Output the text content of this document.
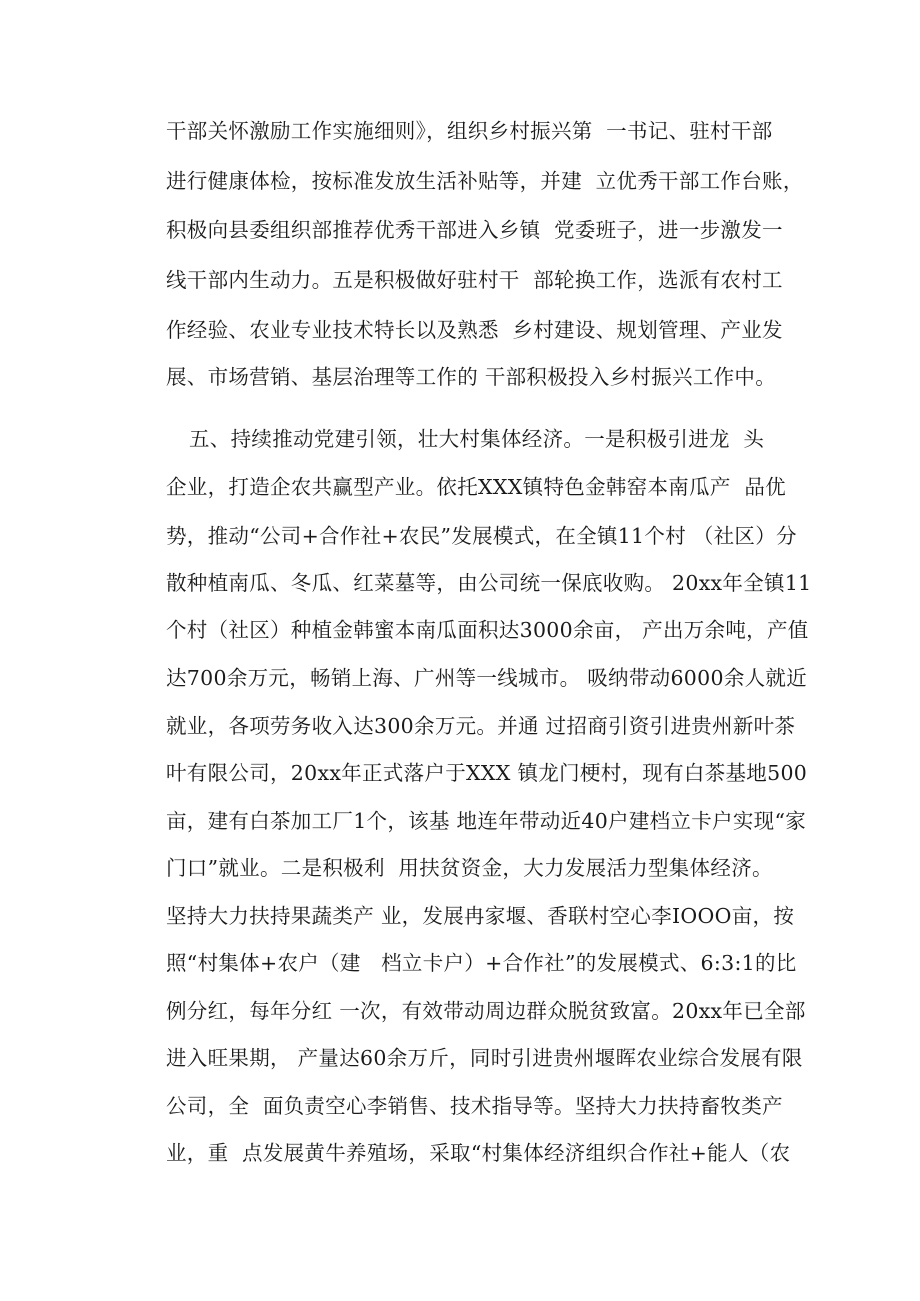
干部关怀激励工作实施细则》，组织乡村振兴第  一书记、驻村干部
进行健康体检，按标准发放生活补贴等，并建  立优秀干部工作台账，
积极向县委组织部推荐优秀干部进入乡镇  党委班子，进一步激发一
线干部内生动力。五是积极做好驻村干  部轮换工作，选派有农村工
作经验、农业专业技术特长以及熟悉  乡村建设、规划管理、产业发
展、市场营销、基层治理等工作的 干部积极投入乡村振兴工作中。
五、持续推动党建引领，壮大村集体经济。一是积极引进龙  头
企业，打造企农共赢型产业。依托XXX镇特色金韩窑本南瓜产  品优
势，推动“公司+合作社+农民”发展模式，在全镇11个村 （社区）分
散种植南瓜、冬瓜、红菜墓等，由公司统一保底收购。 20xx年全镇11
个村（社区）种植金韩蜜本南瓜面积达3000余亩， 产出万余吨，产值
达700余万元，畅销上海、广州等一线城市。 吸纳带动6000余人就近
就业，各项劳务收入达300余万元。并通 过招商引资引进贵州新叶茶
叶有限公司，20xx年正式落户于XXX 镇龙门梗村，现有白茶基地500
亩，建有白茶加工厂1个，该基 地连年带动近40户建档立卡户实现“家
门口”就业。二是积极利  用扶贫资金，大力发展活力型集体经济。
坚持大力扶持果蔬类产 业，发展冉家堰、香联村空心李IOOO亩，按
照“村集体+农户（建   档立卡户）+合作社”的发展模式、6:3:1的比
例分红，每年分红 一次，有效带动周边群众脱贫致富。20xx年已全部
进入旺果期， 产量达60余万斤，同时引进贵州堰晖农业综合发展有限
公司，全  面负责空心李销售、技术指导等。坚持大力扶持畜牧类产
业，重  点发展黄牛养殖场，采取“村集体经济组织合作社+能人（农
